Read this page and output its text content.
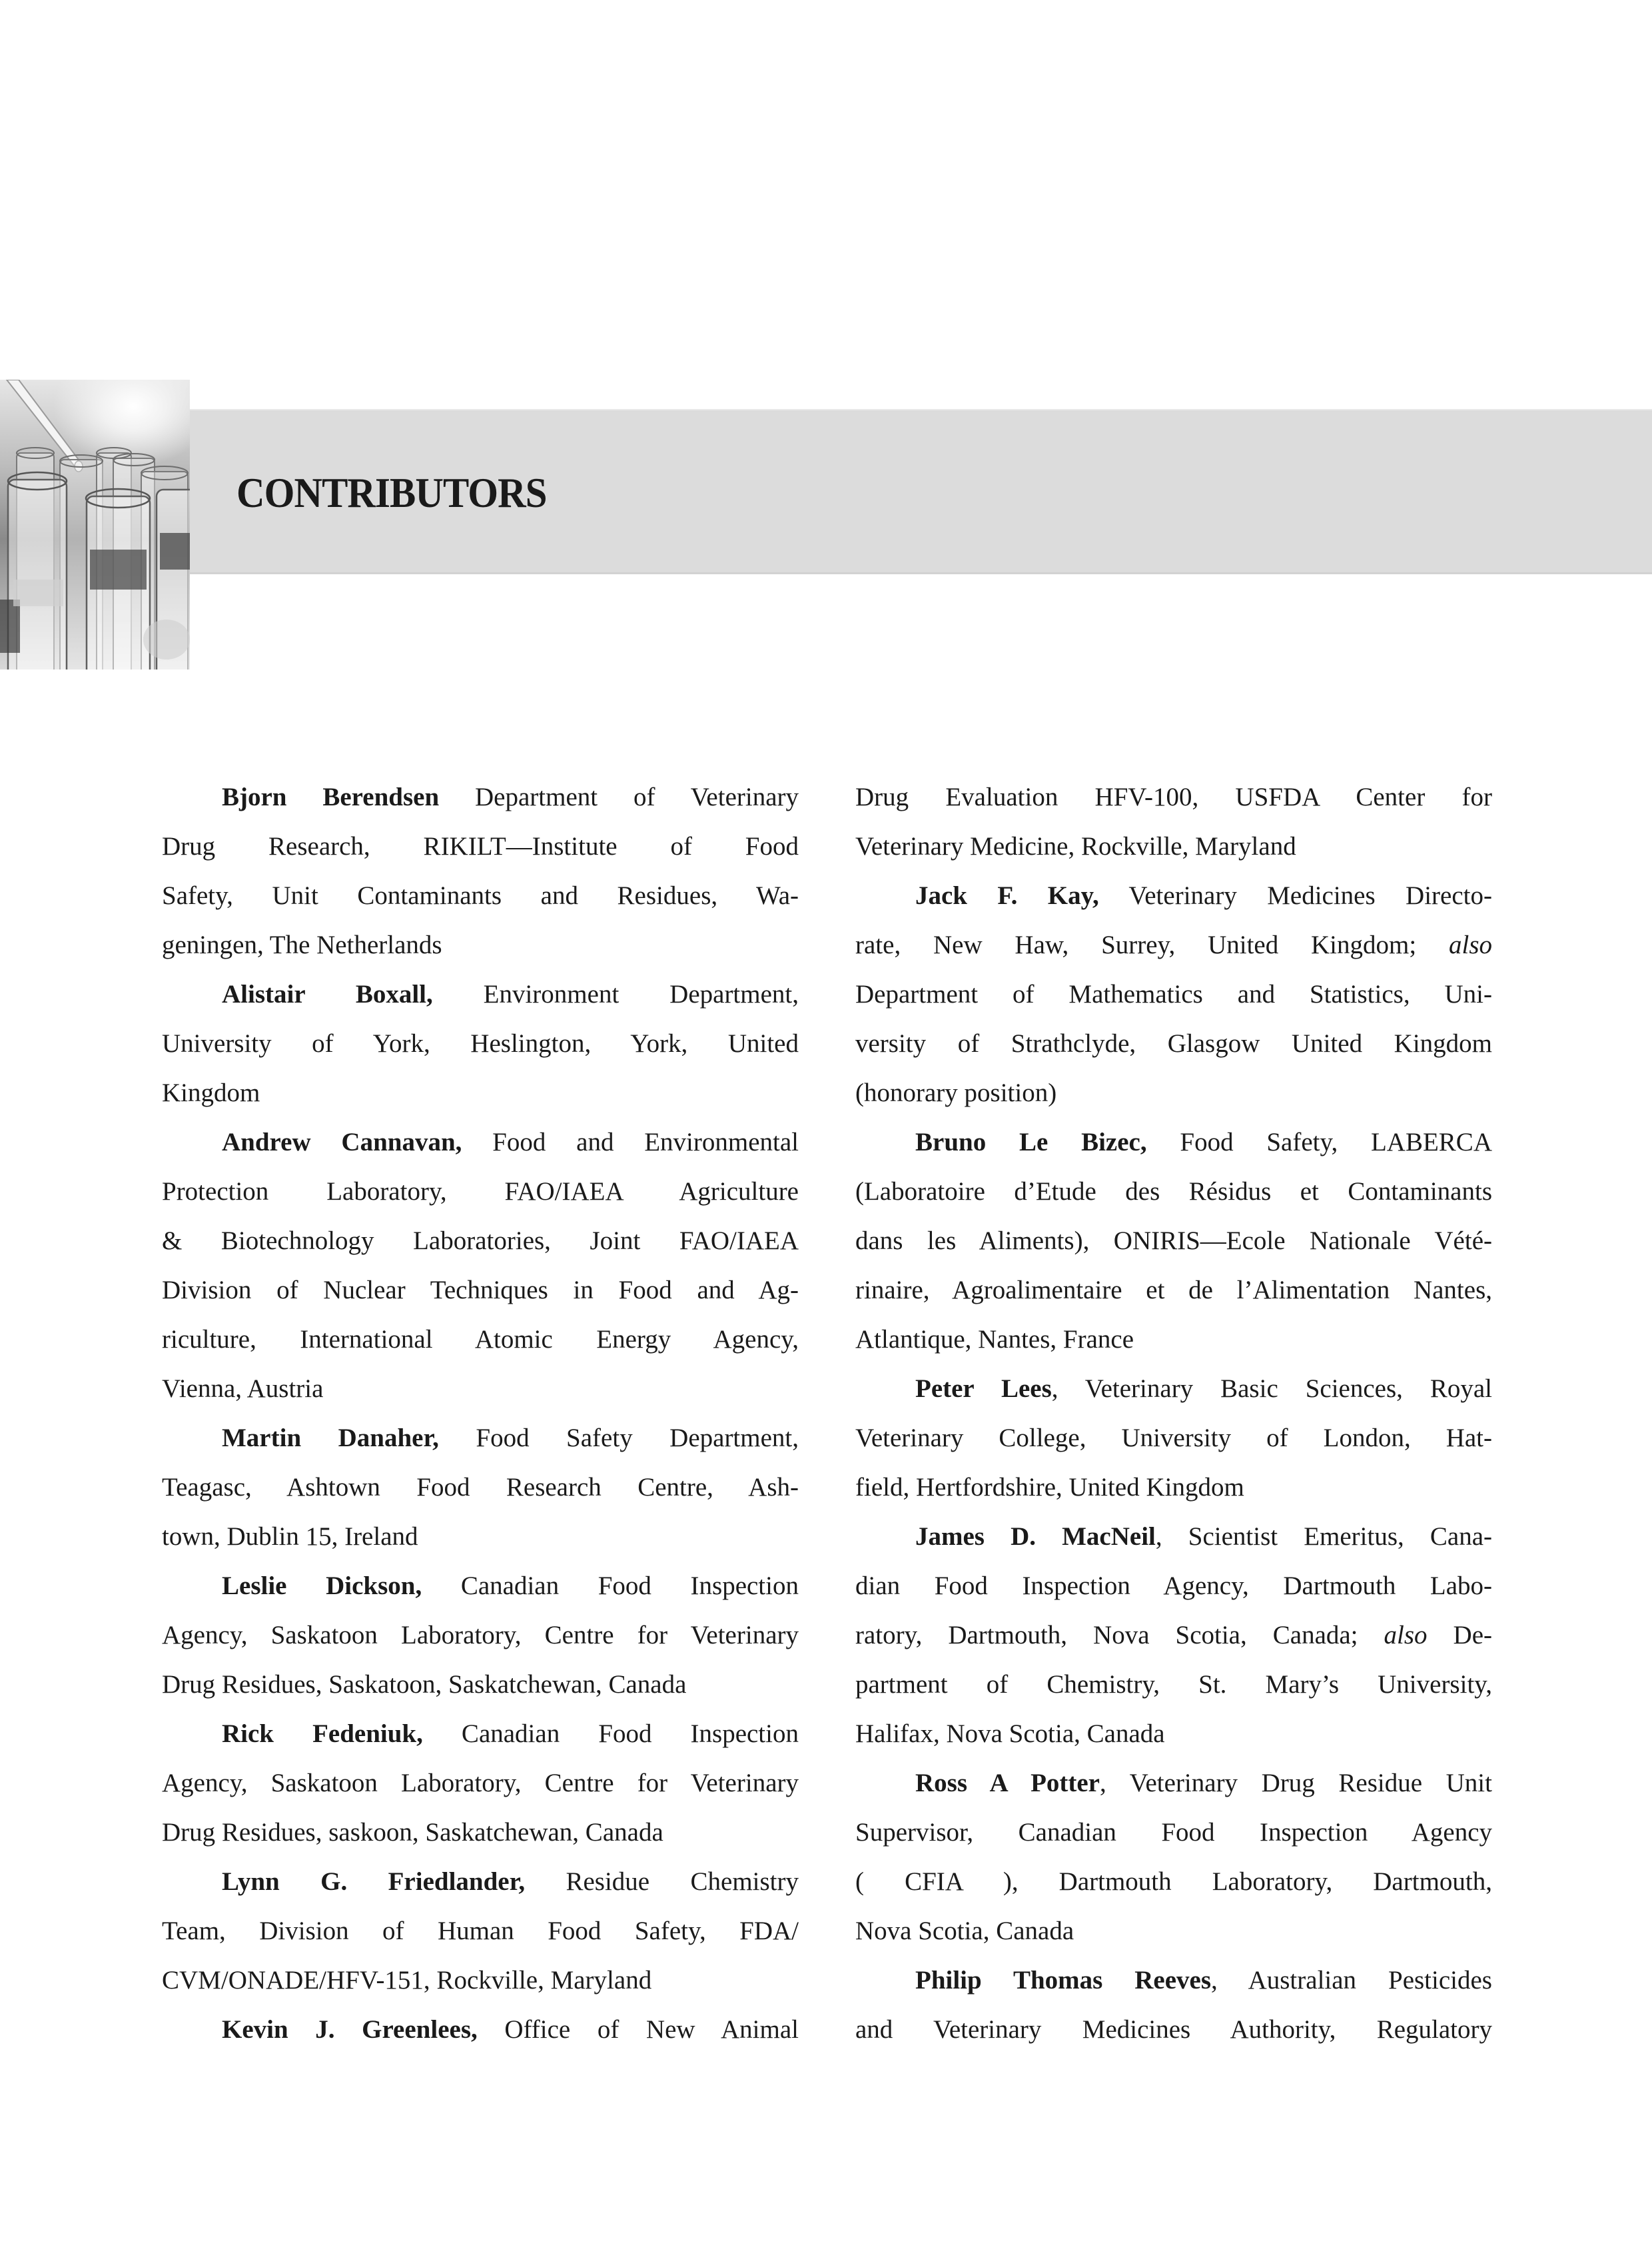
CONTRIBUTORS
Bjorn Berendsen Department of Veterinary
Drug Research, RIKILT—Institute of Food
Safety, Unit Contaminants and Residues, Wa-
geningen, The Netherlands
Alistair Boxall, Environment Department,
University of York, Heslington, York, United
Kingdom
Andrew Cannavan, Food and Environmental
Protection Laboratory, FAO/IAEA Agriculture
& Biotechnology Laboratories, Joint FAO/IAEA
Division of Nuclear Techniques in Food and Ag-
riculture, International Atomic Energy Agency,
Vienna, Austria
Martin Danaher, Food Safety Department,
Teagasc, Ashtown Food Research Centre, Ash-
town, Dublin 15, Ireland
Leslie Dickson, Canadian Food Inspection
Agency, Saskatoon Laboratory, Centre for Veterinary
Drug Residues, Saskatoon, Saskatchewan, Canada
Rick Fedeniuk, Canadian Food Inspection
Agency, Saskatoon Laboratory, Centre for Veterinary
Drug Residues, saskoon, Saskatchewan, Canada
Lynn G. Friedlander, Residue Chemistry
Team, Division of Human Food Safety, FDA/
CVM/ONADE/HFV-151, Rockville, Maryland
Kevin J. Greenlees, Office of New Animal
Drug Evaluation HFV-100, USFDA Center for
Veterinary Medicine, Rockville, Maryland
Jack F. Kay, Veterinary Medicines Directo-
rate, New Haw, Surrey, United Kingdom; also
Department of Mathematics and Statistics, Uni-
versity of Strathclyde, Glasgow United Kingdom
(honorary position)
Bruno Le Bizec, Food Safety, LABERCA
(Laboratoire d’Etude des Résidus et Contaminants
dans les Aliments), ONIRIS—Ecole Nationale Vété-
rinaire, Agroalimentaire et de l’Alimentation Nantes,
Atlantique, Nantes, France
Peter Lees, Veterinary Basic Sciences, Royal
Veterinary College, University of London, Hat-
field, Hertfordshire, United Kingdom
James D. MacNeil, Scientist Emeritus, Cana-
dian Food Inspection Agency, Dartmouth Labo-
ratory, Dartmouth, Nova Scotia, Canada; also De-
partment of Chemistry, St. Mary’s University,
Halifax, Nova Scotia, Canada
Ross A Potter, Veterinary Drug Residue Unit
Supervisor, Canadian Food Inspection Agency
( CFIA ), Dartmouth Laboratory, Dartmouth,
Nova Scotia, Canada
Philip Thomas Reeves, Australian Pesticides
and Veterinary Medicines Authority, Regulatory
